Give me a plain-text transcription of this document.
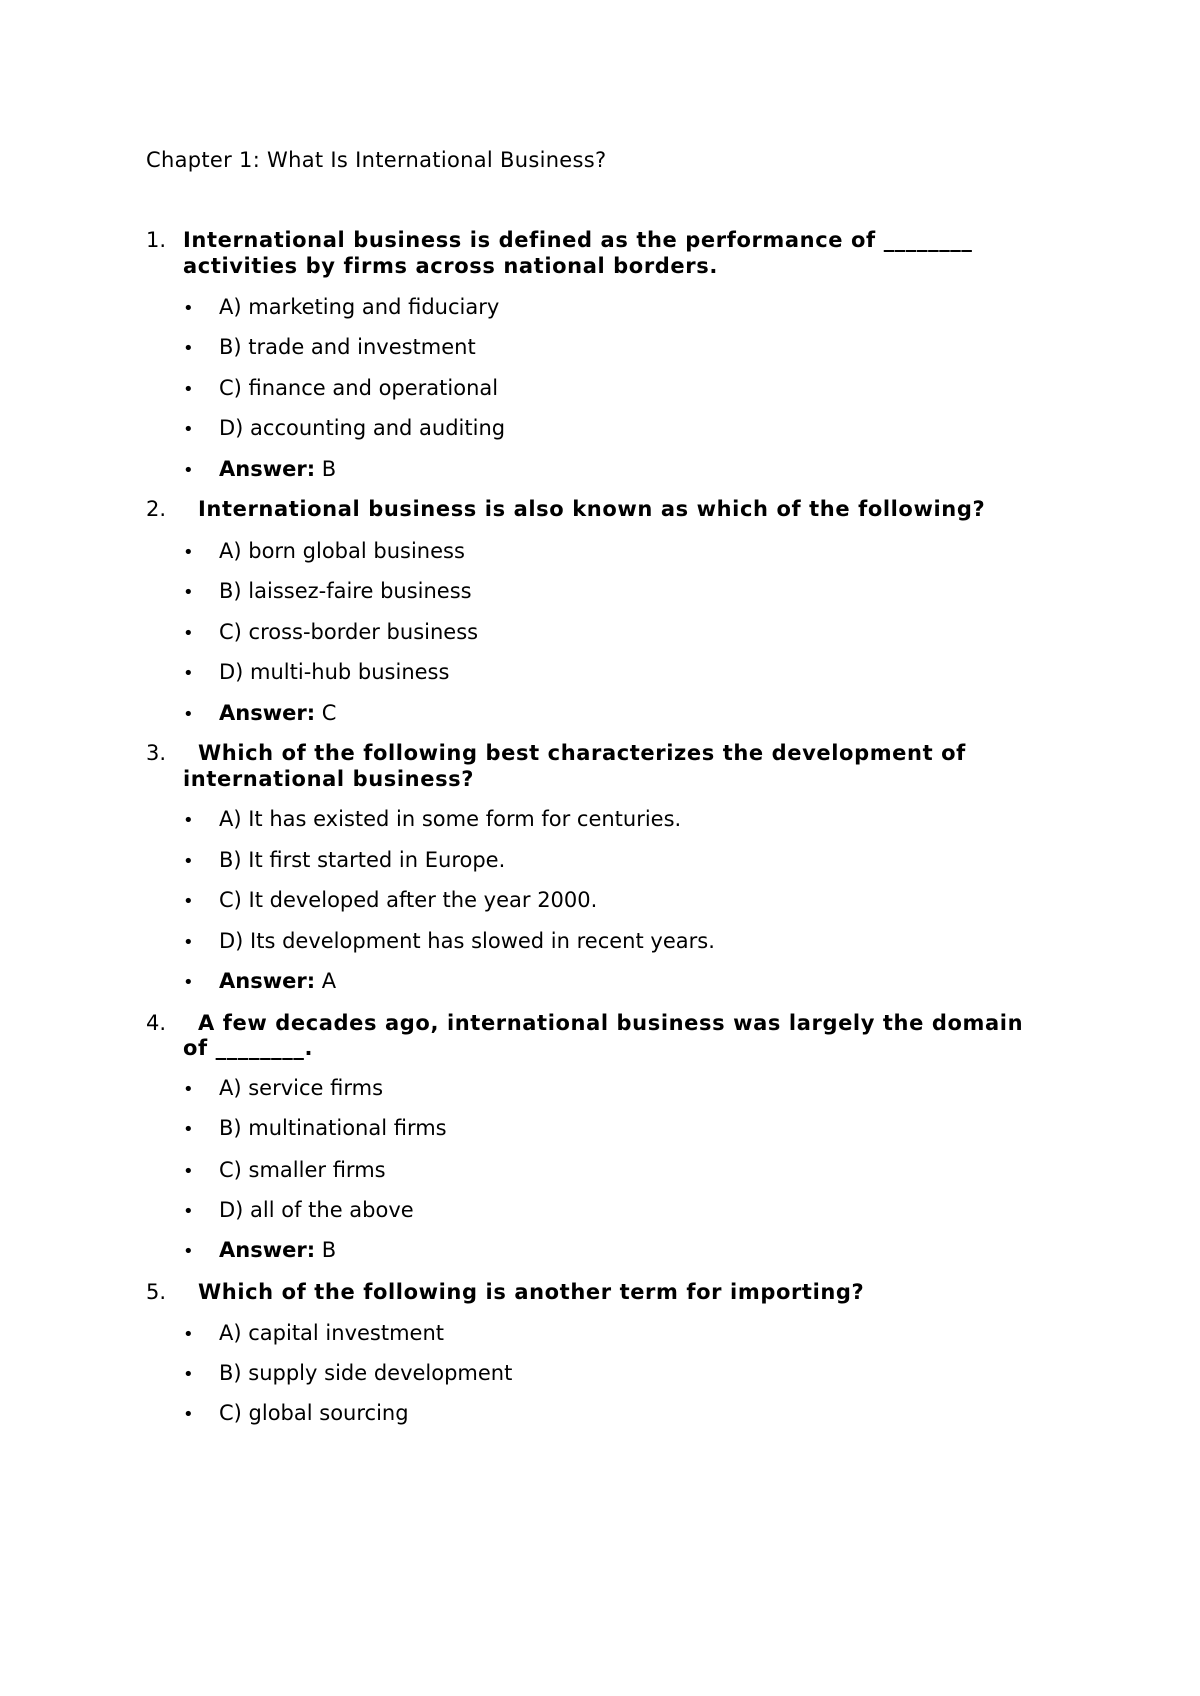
Chapter 1: What Is International Business?
1. International business is defined as the performance of ________

activities by firms across national borders.

• A) marketing and fiduciary
• B) trade and investment
• C) finance and operational
• D) accounting and auditing
• Answer: B
2. International business is also known as which of the following?

• A) born global business
• B) laissez-faire business
• C) cross-border business
• D) multi-hub business
• Answer: C
3. Which of the following best characterizes the development of

international business?

• A) It has existed in some form for centuries.
• B) It first started in Europe.
• C) It developed after the year 2000.
• D) Its development has slowed in recent years.
• Answer: A
4. A few decades ago, international business was largely the domain

of ________.

• A) service firms
• B) multinational firms
• C) smaller firms
• D) all of the above
• Answer: B
5. Which of the following is another term for importing?

• A) capital investment
• B) supply side development
• C) global sourcing
